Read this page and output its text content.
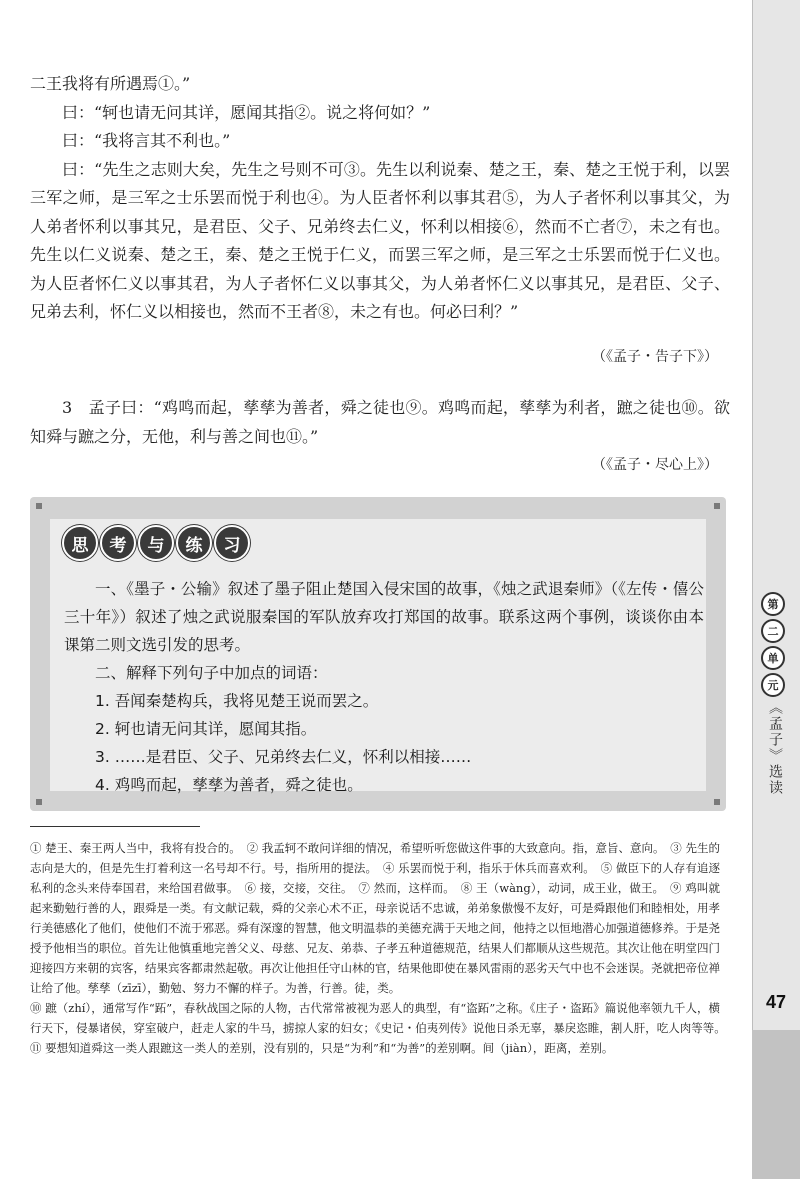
二王我将有所遇焉①。”

曰：“轲也请无问其详，愿闻其指②。说之将何如？”

曰：“我将言其不利也。”

曰：“先生之志则大矣，先生之号则不可③。先生以利说秦、楚之王，秦、楚之王悦于利，以罢三军之师，是三军之士乐罢而悦于利也④。为人臣者怀利以事其君⑤，为人子者怀利以事其父，为人弟者怀利以事其兄，是君臣、父子、兄弟终去仁义，怀利以相接⑥，然而不亡者⑦，未之有也。先生以仁义说秦、楚之王，秦、楚之王悦于仁义，而罢三军之师，是三军之士乐罢而悦于仁义也。为人臣者怀仁义以事其君，为人子者怀仁义以事其父，为人弟者怀仁义以事其兄，是君臣、父子、兄弟去利，怀仁义以相接也，然而不王者⑧，未之有也。何必曰利？”

（《孟子・告子下》）

3　孟子曰：“鸡鸣而起，孳孳为善者，舜之徒也⑨。鸡鸣而起，孳孳为利者，蹠之徒也⑩。欲知舜与蹠之分，无他，利与善之间也⑪。”

（《孟子・尽心上》）
思	考	与	练	习

一、《墨子・公输》叙述了墨子阻止楚国入侵宋国的故事，《烛之武退秦师》（《左传・僖公三十年》）叙述了烛之武说服秦国的军队放弃攻打郑国的故事。联系这两个事例，谈谈你由本课第二则文选引发的思考。

二、解释下列句子中加点的词语：

1. 吾闻秦楚构兵，我将见楚王说而罢之。

2. 轲也请无问其详，愿闻其指。

3. ……是君臣、父子、兄弟终去仁义，怀利以相接……

4. 鸡鸣而起，孳孳为善者，舜之徒也。

① 楚王、秦王两人当中，我将有投合的。　② 我孟轲不敢问详细的情况，希望听听您做这件事的大致意向。指，意旨、意向。　③ 先生的志向是大的，但是先生打着利这一名号却不行。号，指所用的提法。　④ 乐罢而悦于利，指乐于休兵而喜欢利。　⑤ 做臣下的人存有追逐私利的念头来侍奉国君，来给国君做事。　⑥ 接，交接，交往。　⑦ 然而，这样而。　⑧ 王（wàng），动词，成王业，做王。　⑨ 鸡叫就起来勤勉行善的人，跟舜是一类。有文献记载，舜的父亲心术不正，母亲说话不忠诚，弟弟象傲慢不友好，可是舜跟他们和睦相处，用孝行美德感化了他们，使他们不流于邪恶。舜有深邃的智慧，他文明温恭的美德充满于天地之间，他持之以恒地潜心加强道德修养。于是尧授予他相当的职位。首先让他慎重地完善父义、母慈、兄友、弟恭、子孝五种道德规范，结果人们都顺从这些规范。其次让他在明堂四门迎接四方来朝的宾客，结果宾客都肃然起敬。再次让他担任守山林的官，结果他即使在暴风雷雨的恶劣天气中也不会迷误。尧就把帝位禅让给了他。孳孳（zīzī），勤勉、努力不懈的样子。为善，行善。徒，类。

⑩ 蹠（zhí），通常写作“跖”，春秋战国之际的人物，古代常常被视为恶人的典型，有“盗跖”之称。《庄子・盗跖》篇说他率领九千人，横行天下，侵暴诸侯，穿室破户，赶走人家的牛马，掳掠人家的妇女；《史记・伯夷列传》说他日杀无辜，暴戾恣睢，割人肝，吃人肉等等。　⑪ 要想知道舜这一类人跟蹠这一类人的差别，没有别的，只是“为利”和“为善”的差别啊。间（jiàn），距离，差别。

第
二
单
元
《孟子》选读
47
